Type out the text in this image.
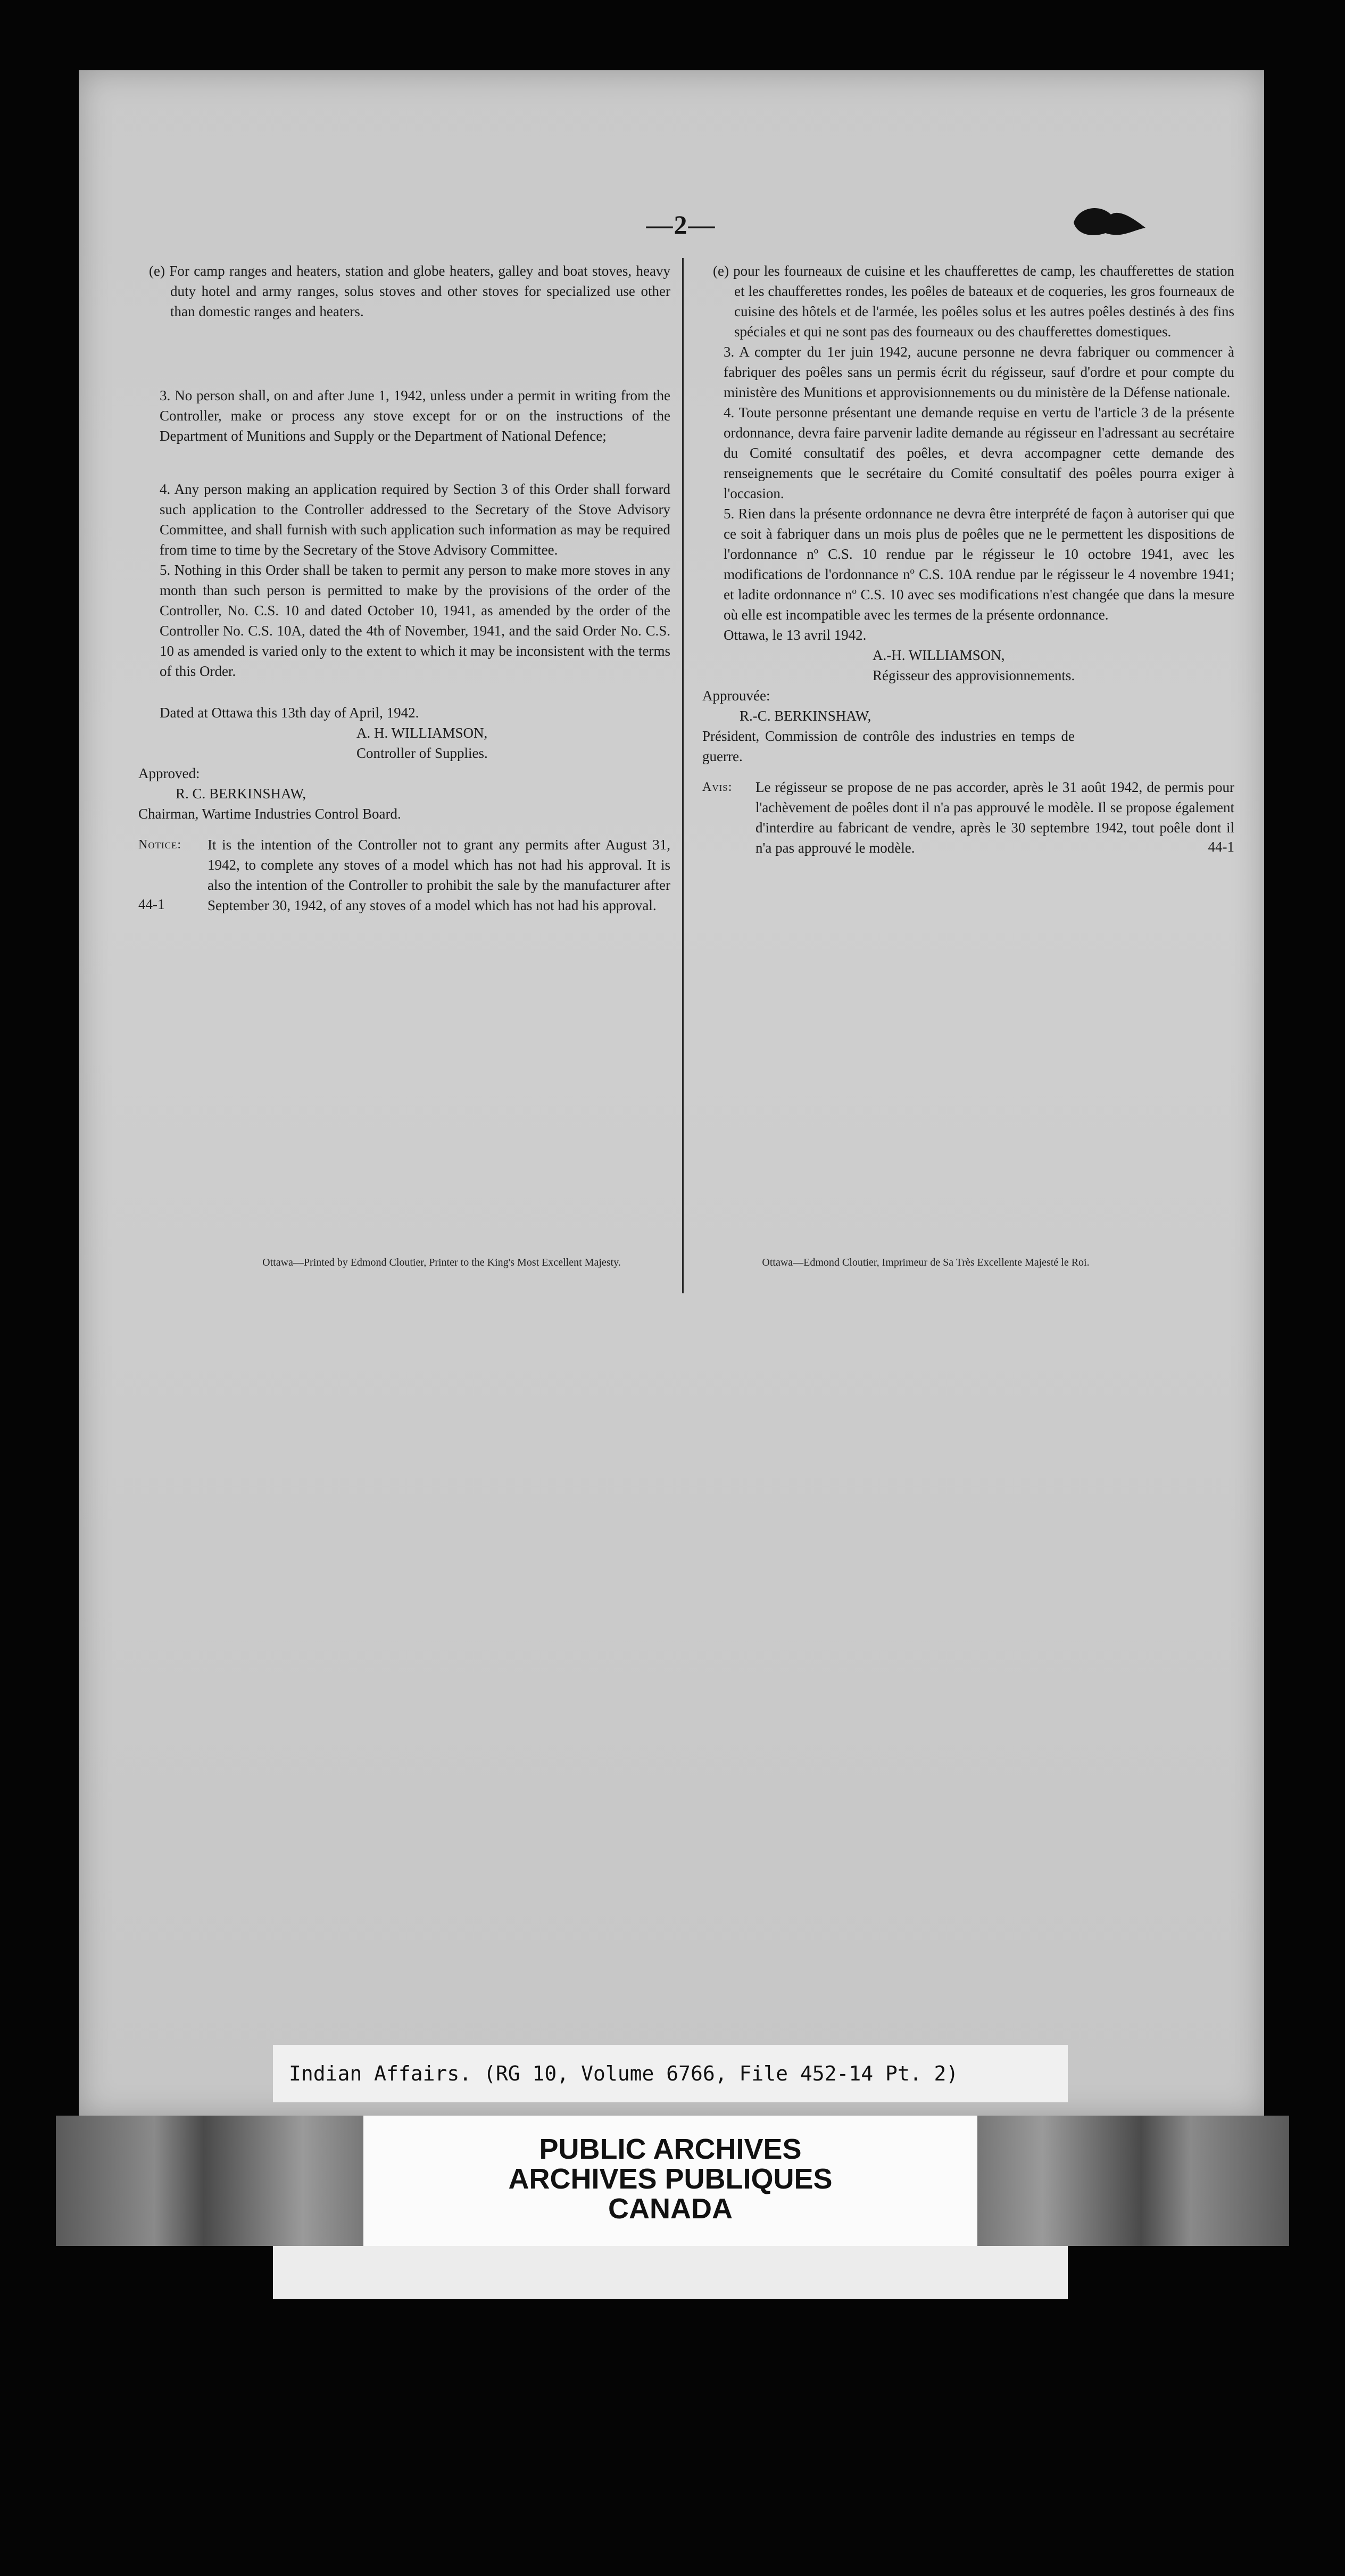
—2—

(e) For camp ranges and heaters, station and globe heaters, galley and boat stoves, heavy duty hotel and army ranges, solus stoves and other stoves for specialized use other than domestic ranges and heaters.

3. No person shall, on and after June 1, 1942, unless under a permit in writing from the Controller, make or process any stove except for or on the instructions of the Department of Munitions and Supply or the Department of National Defence;

4. Any person making an application required by Section 3 of this Order shall forward such application to the Controller addressed to the Secretary of the Stove Advisory Committee, and shall furnish with such application such information as may be required from time to time by the Secretary of the Stove Advisory Committee.

5. Nothing in this Order shall be taken to permit any person to make more stoves in any month than such person is permitted to make by the provisions of the order of the Controller, No. C.S. 10 and dated October 10, 1941, as amended by the order of the Controller No. C.S. 10A, dated the 4th of November, 1941, and the said Order No. C.S. 10 as amended is varied only to the extent to which it may be inconsistent with the terms of this Order.

Dated at Ottawa this 13th day of April, 1942.

A. H. WILLIAMSON,

Controller of Supplies.

Approved:

R. C. BERKINSHAW,

Chairman, Wartime Industries Control Board.

Notice:	It is the intention of the Controller not to grant any permits after August 31, 1942, to complete any stoves of a model which has not had his approval. It is also the intention of the Controller to prohibit the sale by the manufacturer after September 30, 1942, of any stoves of a model which has not had his approval.

44-1

(e) pour les fourneaux de cuisine et les chaufferettes de camp, les chaufferettes de station et les chaufferettes rondes, les poêles de bateaux et de coqueries, les gros fourneaux de cuisine des hôtels et de l'armée, les poêles solus et les autres poêles destinés à des fins spéciales et qui ne sont pas des fourneaux ou des chaufferettes domestiques.

3. A compter du 1er juin 1942, aucune personne ne devra fabriquer ou commencer à fabriquer des poêles sans un permis écrit du régisseur, sauf d'ordre et pour compte du ministère des Munitions et approvisionnements ou du ministère de la Défense nationale.

4. Toute personne présentant une demande requise en vertu de l'article 3 de la présente ordonnance, devra faire parvenir ladite demande au régisseur en l'adressant au secrétaire du Comité consultatif des poêles, et devra accompagner cette demande des renseignements que le secrétaire du Comité consultatif des poêles pourra exiger à l'occasion.

5. Rien dans la présente ordonnance ne devra être interprété de façon à autoriser qui que ce soit à fabriquer dans un mois plus de poêles que ne le permettent les dispositions de l'ordonnance nº C.S. 10 rendue par le régisseur le 10 octobre 1941, avec les modifications de l'ordonnance nº C.S. 10A rendue par le régisseur le 4 novembre 1941; et ladite ordonnance nº C.S. 10 avec ses modifications n'est changée que dans la mesure où elle est incompatible avec les termes de la présente ordonnance.

Ottawa, le 13 avril 1942.

A.-H. WILLIAMSON,

Régisseur des approvisionnements.

Approuvée:

R.-C. BERKINSHAW,

Président, Commission de contrôle des industries en temps de guerre.

Avis:	Le régisseur se propose de ne pas accorder, après le 31 août 1942, de permis pour l'achèvement de poêles dont il n'a pas approuvé le modèle. Il se propose également d'interdire au fabricant de vendre, après le 30 septembre 1942, tout poêle dont il n'a pas approuvé le modèle.	44-1

Ottawa—Printed by Edmond Cloutier, Printer to the King's Most Excellent Majesty.	Ottawa—Edmond Cloutier, Imprimeur de Sa Très Excellente Majesté le Roi.
Indian Affairs. (RG 10, Volume 6766, File 452-14 Pt. 2)
PUBLIC ARCHIVES
ARCHIVES PUBLIQUES
CANADA
